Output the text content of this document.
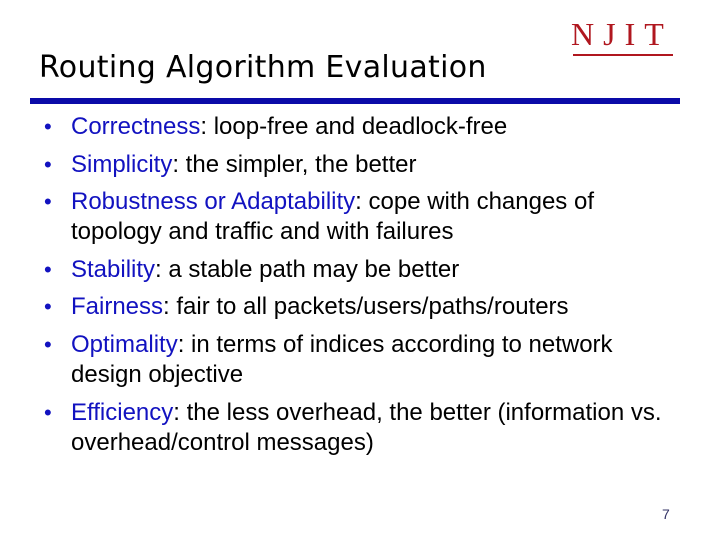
NJIT
Routing Algorithm Evaluation
• Correctness: loop-free and deadlock-free
• Simplicity: the simpler, the better
• Robustness or Adaptability: cope with changes of topology and traffic and with failures
• Stability: a stable path may be better
• Fairness: fair to all packets/users/paths/routers
• Optimality: in terms of indices according to network design objective
• Efficiency: the less overhead, the better (information vs. overhead/control messages)
7
